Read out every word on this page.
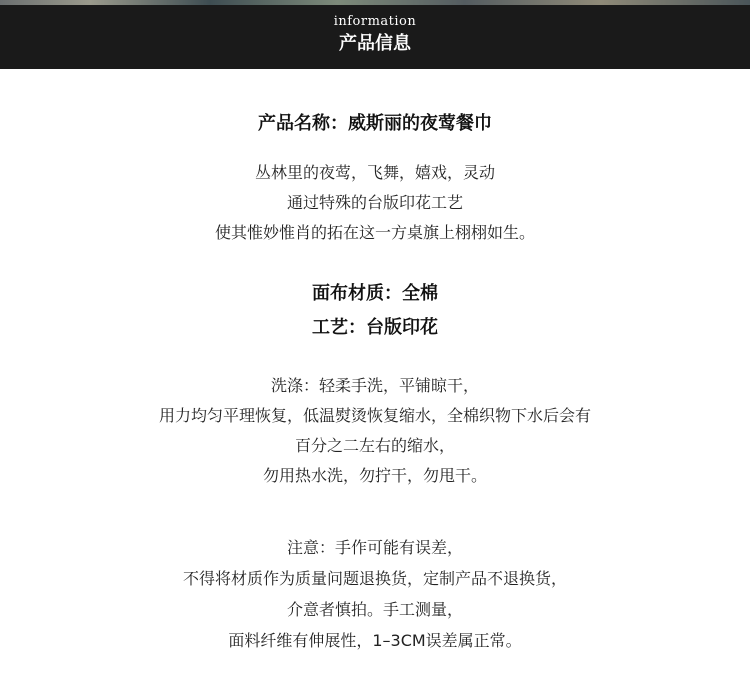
information
产品信息
产品名称：威斯丽的夜莺餐巾
丛林里的夜莺，飞舞，嬉戏，灵动
通过特殊的台版印花工艺
使其惟妙惟肖的拓在这一方桌旗上栩栩如生。
面布材质：全棉
工艺：台版印花
洗涤：轻柔手洗，平铺晾干，
用力均匀平理恢复，低温熨烫恢复缩水，全棉织物下水后会有
百分之二左右的缩水，
勿用热水洗，勿拧干，勿甩干。
注意：手作可能有误差，
不得将材质作为质量问题退换货，定制产品不退换货，
介意者慎拍。手工测量，
面料纤维有伸展性，1–3CM误差属正常。
